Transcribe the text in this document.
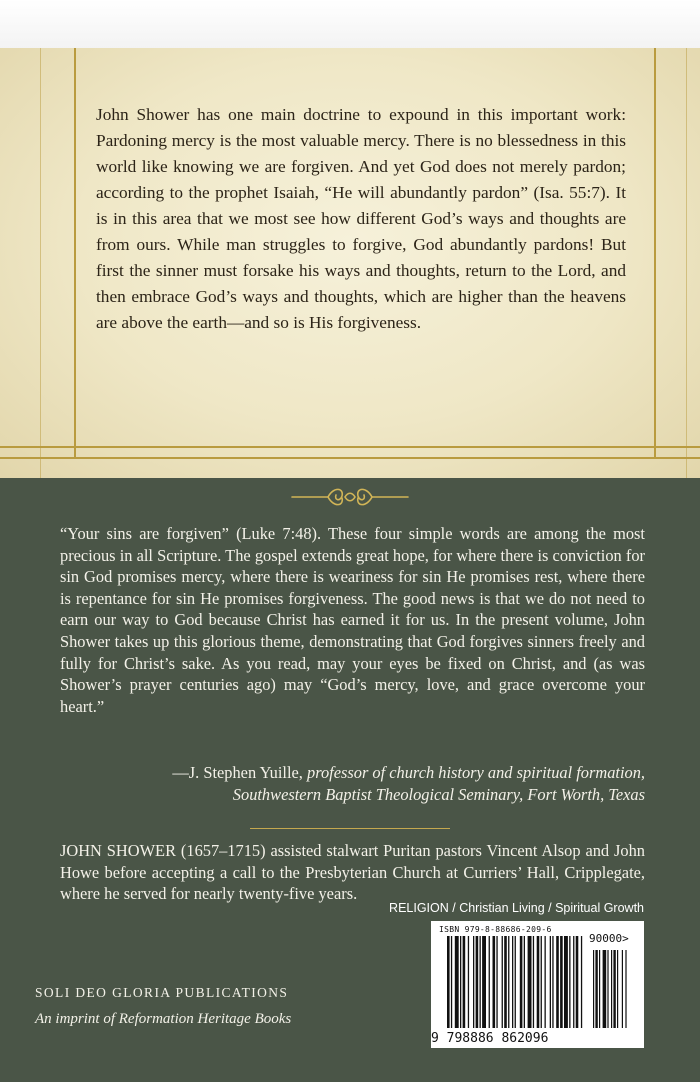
John Shower has one main doctrine to expound in this important work: Pardoning mercy is the most valuable mercy. There is no blessedness in this world like knowing we are forgiven. And yet God does not merely pardon; according to the prophet Isaiah, “He will abundantly pardon” (Isa. 55:7). It is in this area that we most see how different God’s ways and thoughts are from ours. While man struggles to forgive, God abundantly pardons! But first the sinner must forsake his ways and thoughts, return to the Lord, and then embrace God’s ways and thoughts, which are higher than the heavens are above the earth—and so is His forgiveness.

“Your sins are forgiven” (Luke 7:48). These four simple words are among the most precious in all Scripture. The gospel extends great hope, for where there is conviction for sin God promises mercy, where there is weariness for sin He promises rest, where there is repentance for sin He promises forgiveness. The good news is that we do not need to earn our way to God because Christ has earned it for us. In the present volume, John Shower takes up this glorious theme, demonstrating that God forgives sinners freely and fully for Christ’s sake. As you read, may your eyes be fixed on Christ, and (as was Shower’s prayer centuries ago) may “God’s mercy, love, and grace overcome your heart.”

—J. Stephen Yuille, professor of church history and spiritual formation,
Southwestern Baptist Theological Seminary, Fort Worth, Texas

JOHN SHOWER (1657–1715) assisted stalwart Puritan pastors Vincent Alsop and John Howe before accepting a call to the Presbyterian Church at Curriers’ Hall, Cripplegate, where he served for nearly twenty-five years.

RELIGION / Christian Living / Spiritual Growth
ISBN 979-8-88686-209-6
90000>
9 798886 862096

SOLI DEO GLORIA PUBLICATIONS

An imprint of Reformation Heritage Books
